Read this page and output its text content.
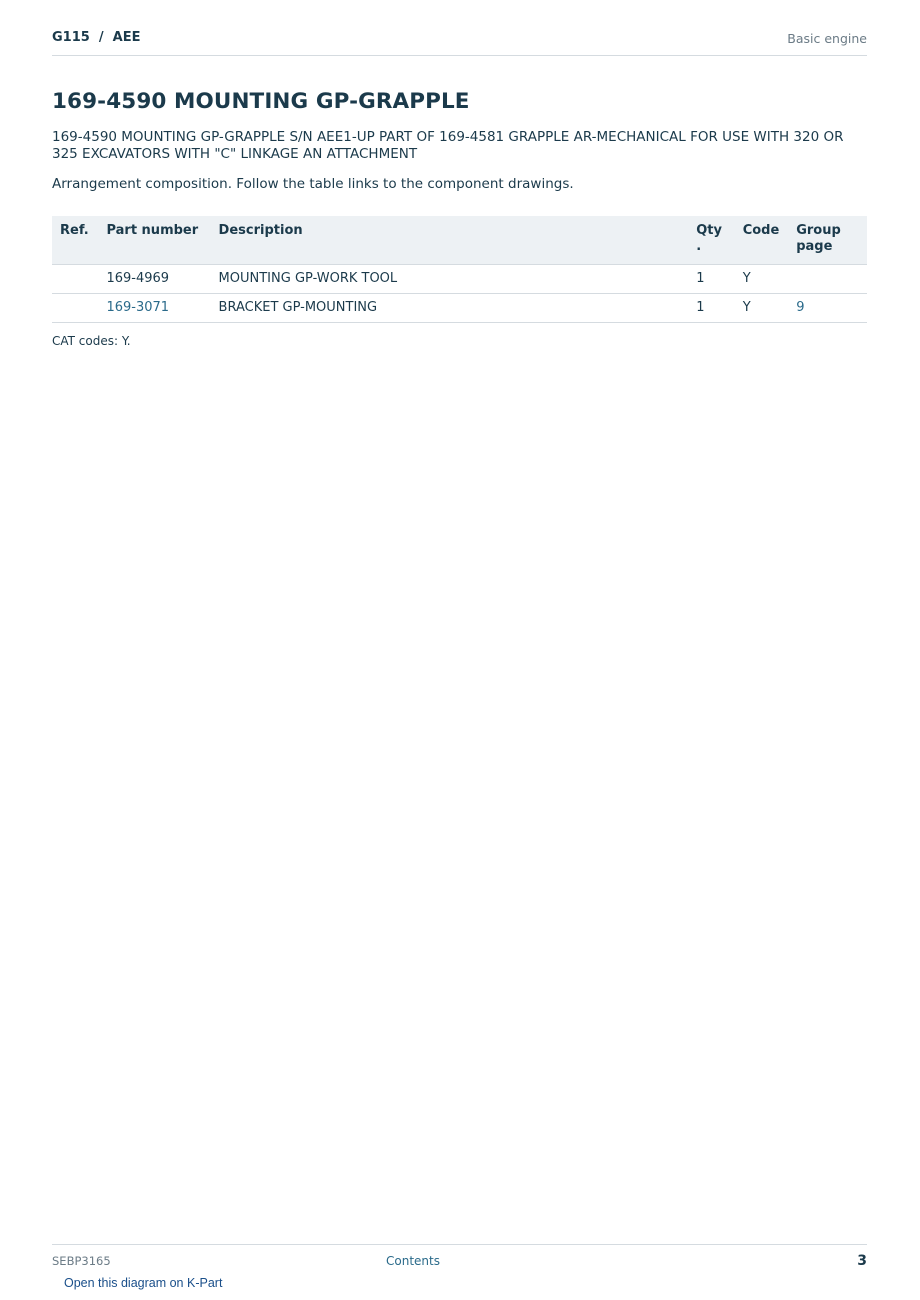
G115  /  AEE	Basic engine
169-4590 MOUNTING GP-GRAPPLE

169-4590 MOUNTING GP-GRAPPLE S/N AEE1-UP PART OF 169-4581 GRAPPLE AR-MECHANICAL FOR USE WITH 320 OR 325 EXCAVATORS WITH "C" LINKAGE AN ATTACHMENT

Arrangement composition. Follow the table links to the component drawings.

Ref.	Part number	Description	Qty .	Code	Group page
	169-4969	MOUNTING GP-WORK TOOL	1	Y	
	169-3071	BRACKET GP-MOUNTING	1	Y	9

CAT codes: Y.

SEBP3165	Contents	3
Open this diagram on K-Part
